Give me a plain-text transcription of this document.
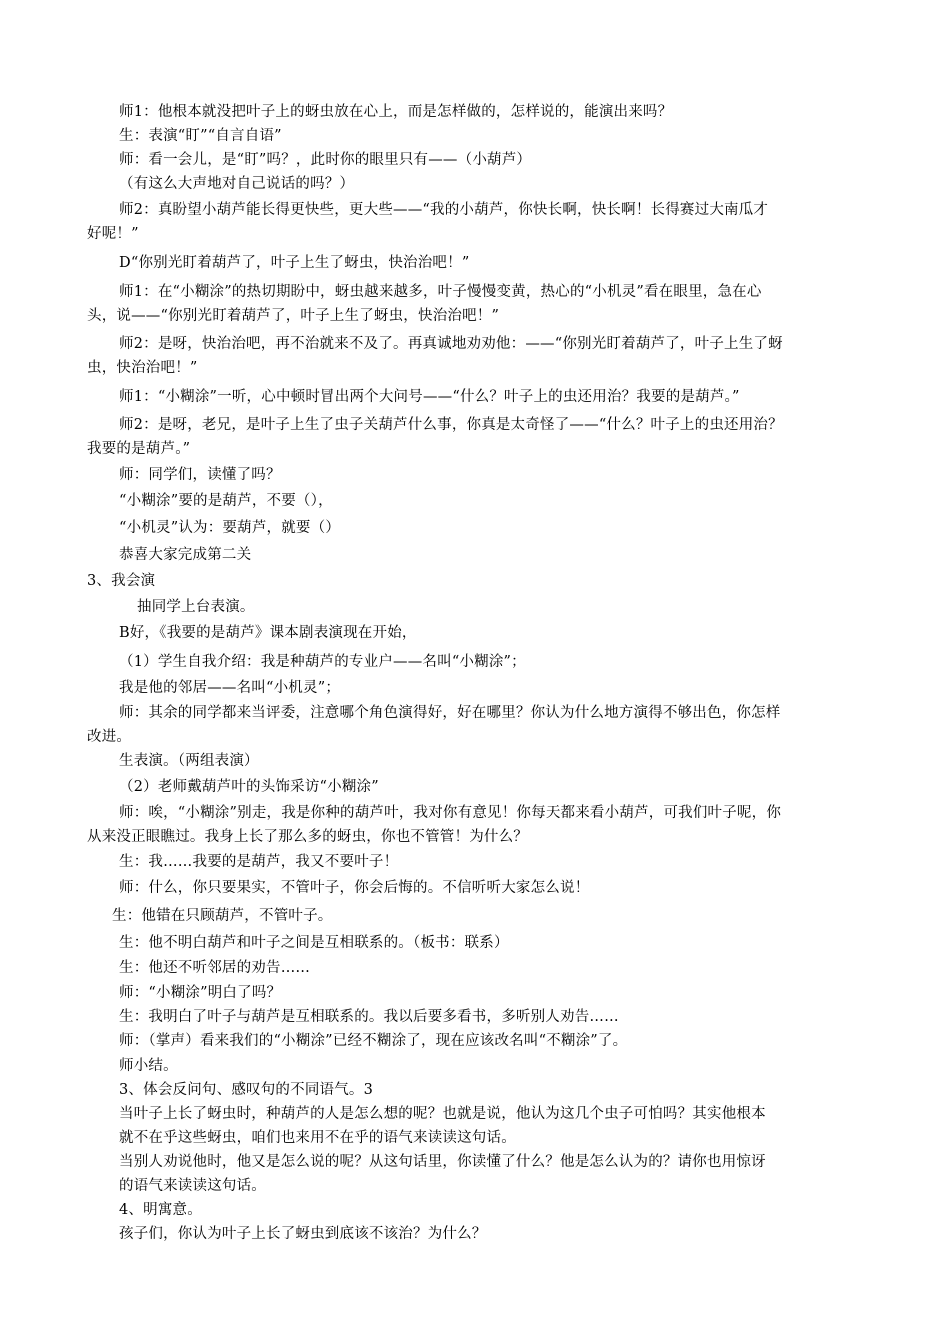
师1：他根本就没把叶子上的蚜虫放在心上，而是怎样做的，怎样说的，能演出来吗？
生：表演“盯”“自言自语”
师：看一会儿，是“盯”吗？，此时你的眼里只有——（小葫芦）
（有这么大声地对自己说话的吗？）
师2：真盼望小葫芦能长得更快些，更大些——“我的小葫芦，你快长啊，快长啊！长得赛过大南瓜才
好呢！”
D“你别光盯着葫芦了，叶子上生了蚜虫，快治治吧！”
师1：在“小糊涂”的热切期盼中，蚜虫越来越多，叶子慢慢变黄，热心的“小机灵”看在眼里，急在心
头，说——“你别光盯着葫芦了，叶子上生了蚜虫，快治治吧！”
师2：是呀，快治治吧，再不治就来不及了。再真诚地劝劝他：——“你别光盯着葫芦了，叶子上生了蚜
虫，快治治吧！”
师1：“小糊涂”一听，心中顿时冒出两个大问号——“什么？叶子上的虫还用治？我要的是葫芦。”
师2：是呀，老兄，是叶子上生了虫子关葫芦什么事，你真是太奇怪了——“什么？叶子上的虫还用治？
我要的是葫芦。”
师：同学们，读懂了吗？
“小糊涂”要的是葫芦，不要（），
“小机灵”认为：要葫芦，就要（）
恭喜大家完成第二关
3、我会演
抽同学上台表演。
B好，《我要的是葫芦》课本剧表演现在开始，
（1）学生自我介绍：我是种葫芦的专业户——名叫“小糊涂”；
我是他的邻居——名叫“小机灵”；
师：其余的同学都来当评委，注意哪个角色演得好，好在哪里？你认为什么地方演得不够出色，你怎样
改进。
生表演。（两组表演）
（2）老师戴葫芦叶的头饰采访“小糊涂”
师：唉，“小糊涂”别走，我是你种的葫芦叶，我对你有意见！你每天都来看小葫芦，可我们叶子呢，你
从来没正眼瞧过。我身上长了那么多的蚜虫，你也不管管！为什么？
生：我……我要的是葫芦，我又不要叶子！
师：什么，你只要果实，不管叶子，你会后悔的。不信听听大家怎么说！
生：他错在只顾葫芦，不管叶子。
生：他不明白葫芦和叶子之间是互相联系的。（板书：联系）
生：他还不听邻居的劝告……
师：“小糊涂”明白了吗？
生：我明白了叶子与葫芦是互相联系的。我以后要多看书，多听别人劝告……
师：（掌声）看来我们的“小糊涂”已经不糊涂了，现在应该改名叫“不糊涂”了。
师小结。
3、体会反问句、感叹句的不同语气。3
当叶子上长了蚜虫时，种葫芦的人是怎么想的呢？也就是说，他认为这几个虫子可怕吗？其实他根本
就不在乎这些蚜虫，咱们也来用不在乎的语气来读读这句话。
当别人劝说他时，他又是怎么说的呢？从这句话里，你读懂了什么？他是怎么认为的？请你也用惊讶
的语气来读读这句话。
4、明寓意。
孩子们，你认为叶子上长了蚜虫到底该不该治？为什么？
